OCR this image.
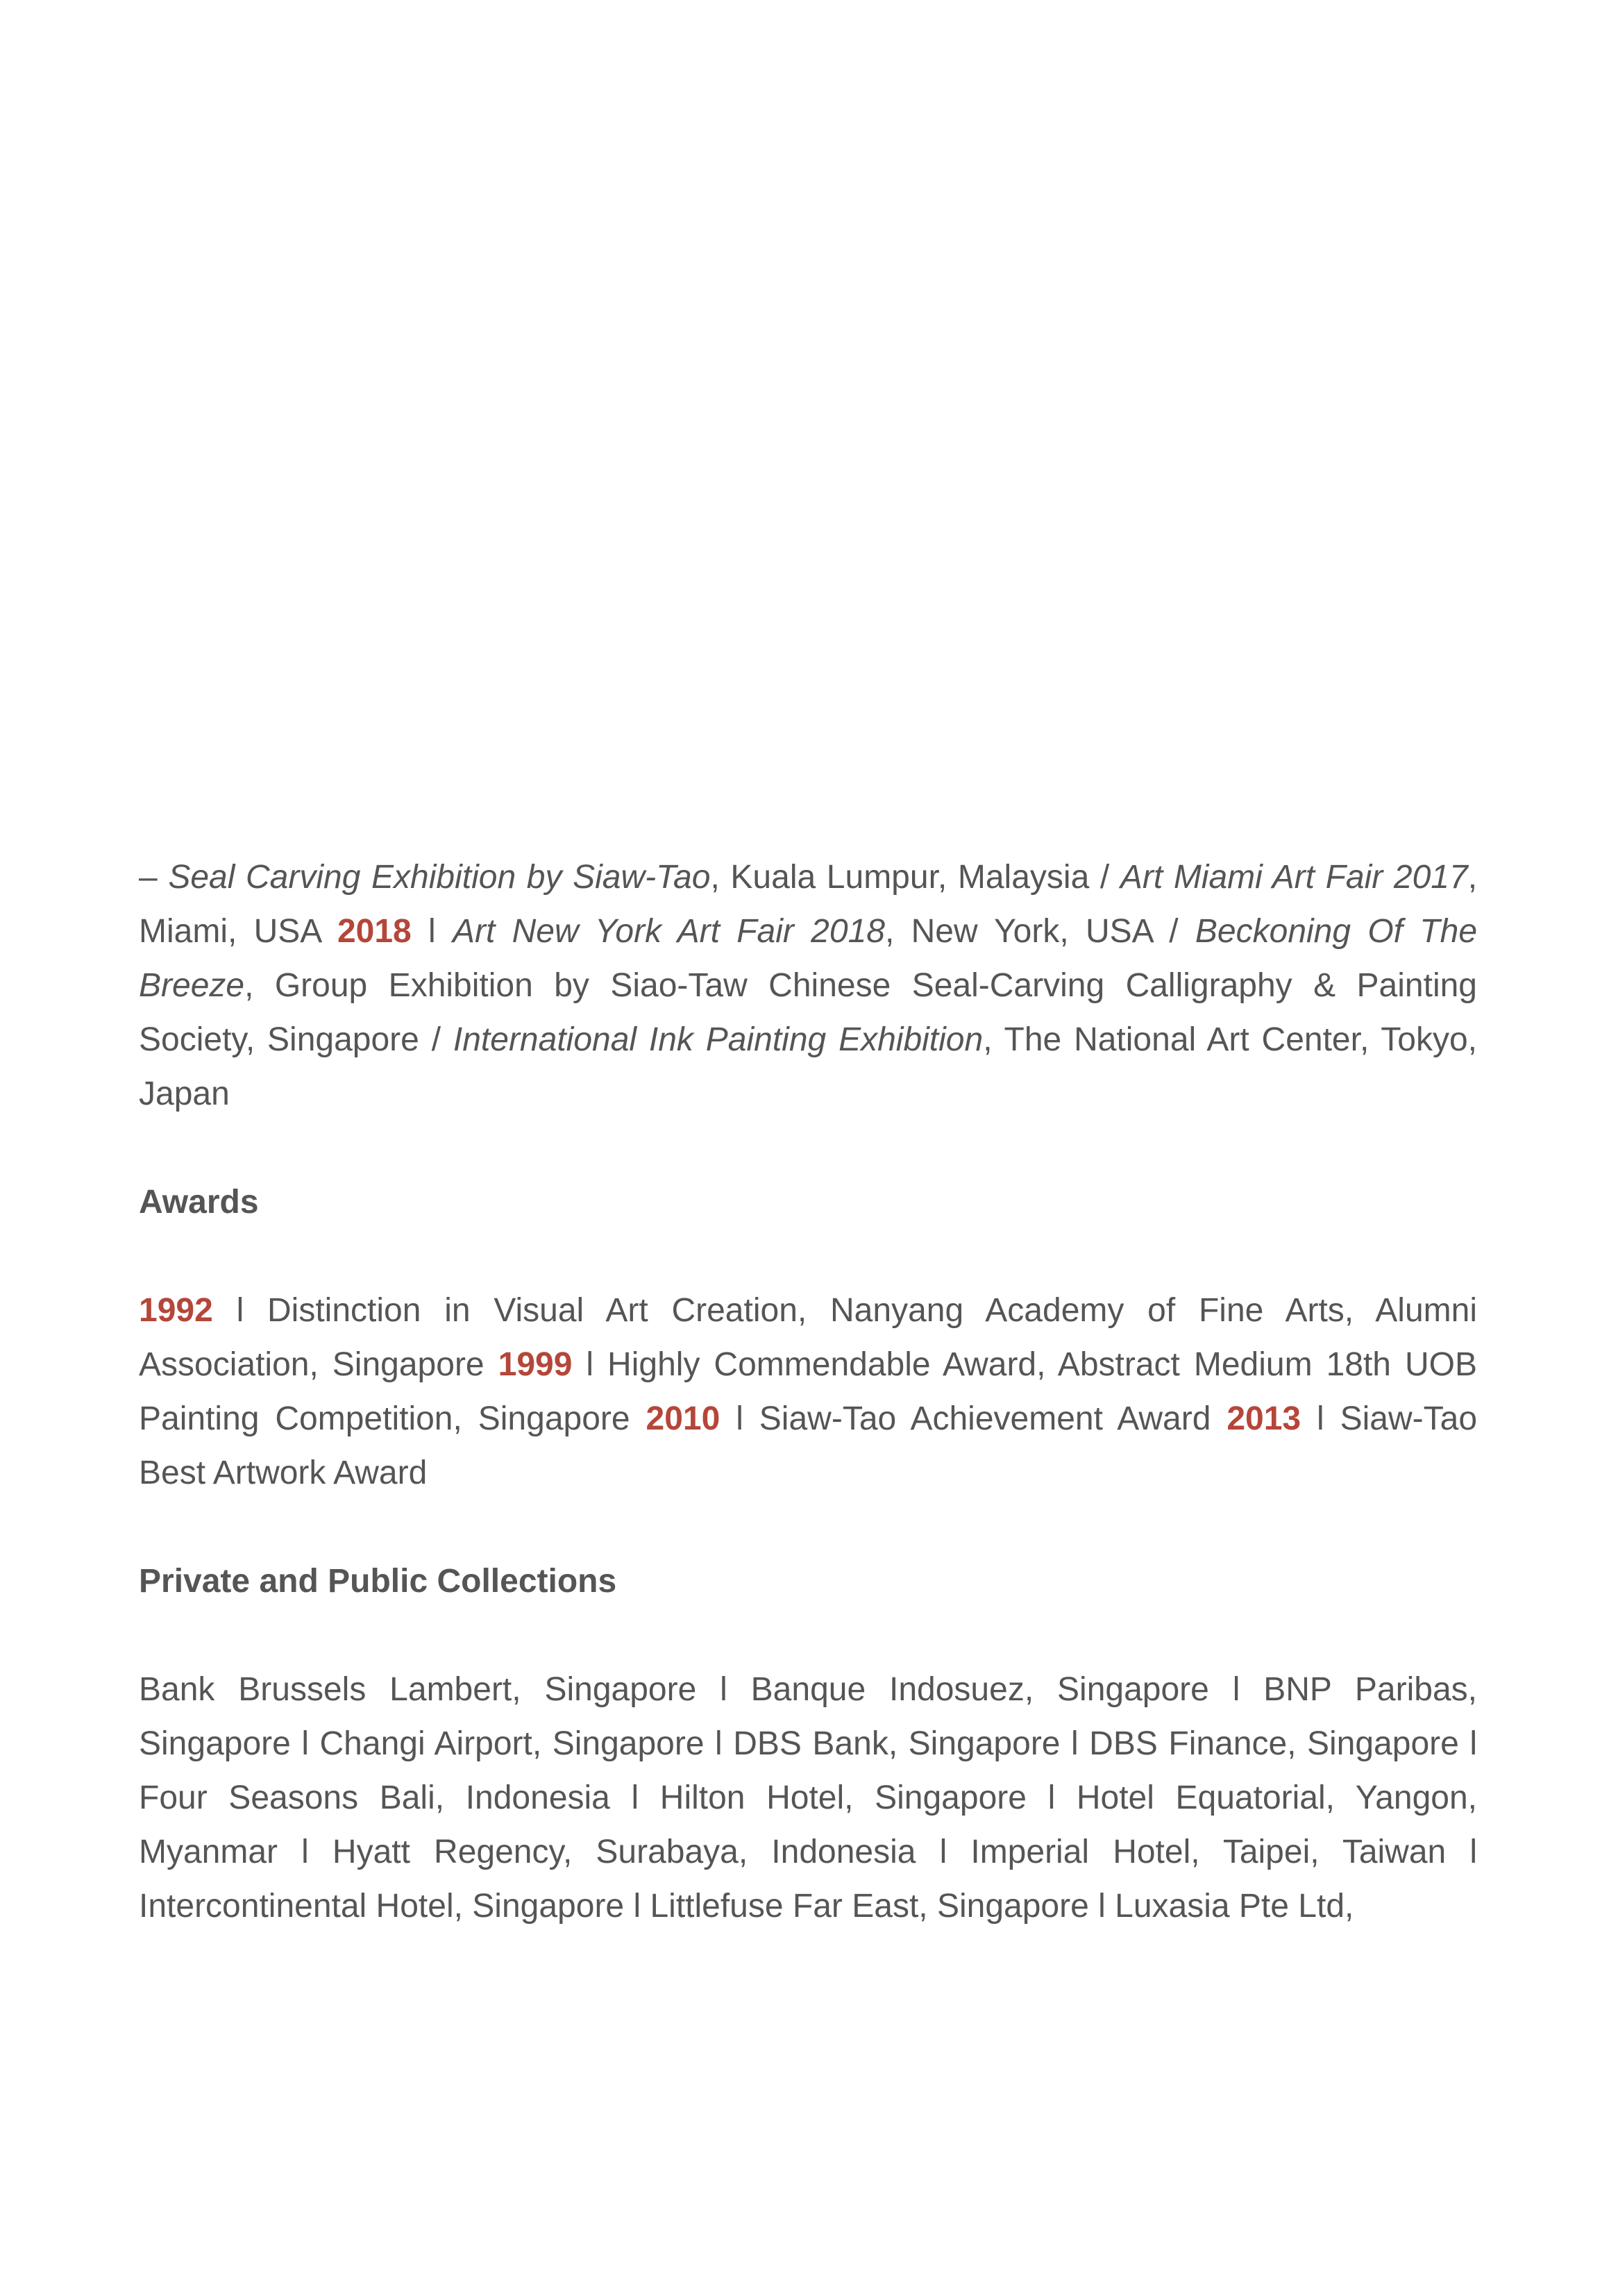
– Seal Carving Exhibition by Siaw-Tao, Kuala Lumpur, Malaysia / Art Miami Art Fair 2017, Miami, USA 2018 l Art New York Art Fair 2018, New York, USA / Beckoning Of The Breeze, Group Exhibition by Siao-Taw Chinese Seal-Carving Calligraphy & Painting Society, Singapore / International Ink Painting Exhibition, The National Art Center, Tokyo, Japan

Awards

1992 l Distinction in Visual Art Creation, Nanyang Academy of Fine Arts, Alumni Association, Singapore 1999 l Highly Commendable Award, Abstract Medium 18th UOB Painting Competition, Singapore 2010 l Siaw-Tao Achievement Award 2013 l Siaw-Tao Best Artwork Award

Private and Public Collections

Bank Brussels Lambert, Singapore l Banque Indosuez, Singapore l BNP Paribas, Singapore l Changi Airport, Singapore l DBS Bank, Singapore l DBS Finance, Singapore l Four Seasons Bali, Indonesia l Hilton Hotel, Singapore l Hotel Equatorial, Yangon, Myanmar l Hyatt Regency, Surabaya, Indonesia l Imperial Hotel, Taipei, Taiwan l Intercontinental Hotel, Singapore l Littlefuse Far East, Singapore l Luxasia Pte Ltd,
